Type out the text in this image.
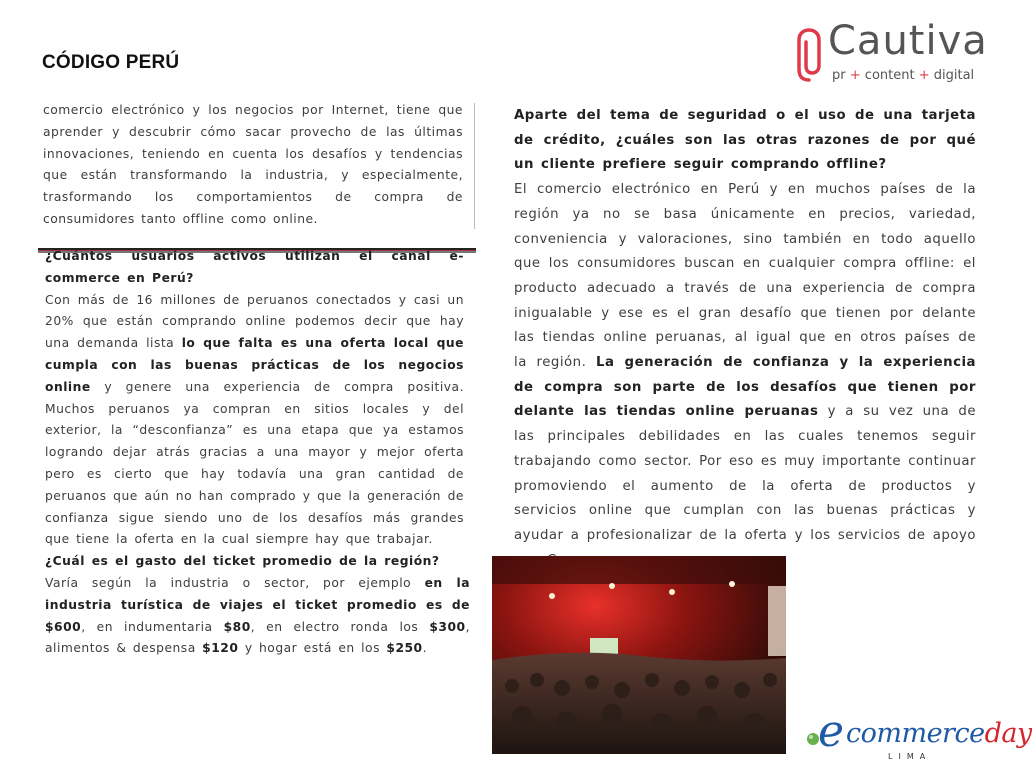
CÓDIGO PERÚ	Cautiva
pr + content + digital
comercio electrónico y los negocios por Internet, tiene que aprender y descubrir cómo sacar provecho de las últimas innovaciones, teniendo en cuenta los desafíos y tendencias que están transformando la industria, y especialmente, trasformando los comportamientos de compra de consumidores tanto offline como online.
¿Cuántos usuarios activos utilizan el canal e-commerce en Perú?
Con más de 16 millones de peruanos conectados y casi un 20% que están comprando online podemos decir que hay una demanda lista lo que falta es una oferta local que cumpla con las buenas prácticas de los negocios online y genere una experiencia de compra positiva. Muchos peruanos ya compran en sitios locales y del exterior, la “desconfianza” es una etapa que ya estamos logrando dejar atrás gracias a una mayor y mejor oferta pero es cierto que hay todavía una gran cantidad de peruanos que aún no han comprado y que la generación de confianza sigue siendo uno de los desafíos más grandes que tiene la oferta en la cual siempre hay que trabajar.
¿Cuál es el gasto del ticket promedio de la región?
Varía según la industria o sector, por ejemplo en la industria turística de viajes el ticket promedio es de $600, en indumentaria $80, en electro ronda los $300, alimentos & despensa $120 y hogar está en los $250.
Aparte del tema de seguridad o el uso de una tarjeta de crédito, ¿cuáles son las otras razones de por qué un cliente prefiere seguir comprando offline?
El comercio electrónico en Perú y en muchos países de la región ya no se basa únicamente en precios, variedad, conveniencia y valoraciones, sino también en todo aquello que los consumidores buscan en cualquier compra offline: el producto adecuado a través de una experiencia de compra inigualable y ese es el gran desafío que tienen por delante las tiendas online peruanas, al igual que en otros países de la región. La generación de confianza y la experiencia de compra son parte de los desafíos que tienen por delante las tiendas online peruanas y a su vez una de las principales debilidades en las cuales tenemos seguir trabajando como sector. Por eso es muy importante continuar promoviendo el aumento de la oferta de productos y servicios online que cumplan con las buenas prácticas y ayudar a profesionalizar de la oferta y los servicios de apoyo
e commerceday
LIMA
